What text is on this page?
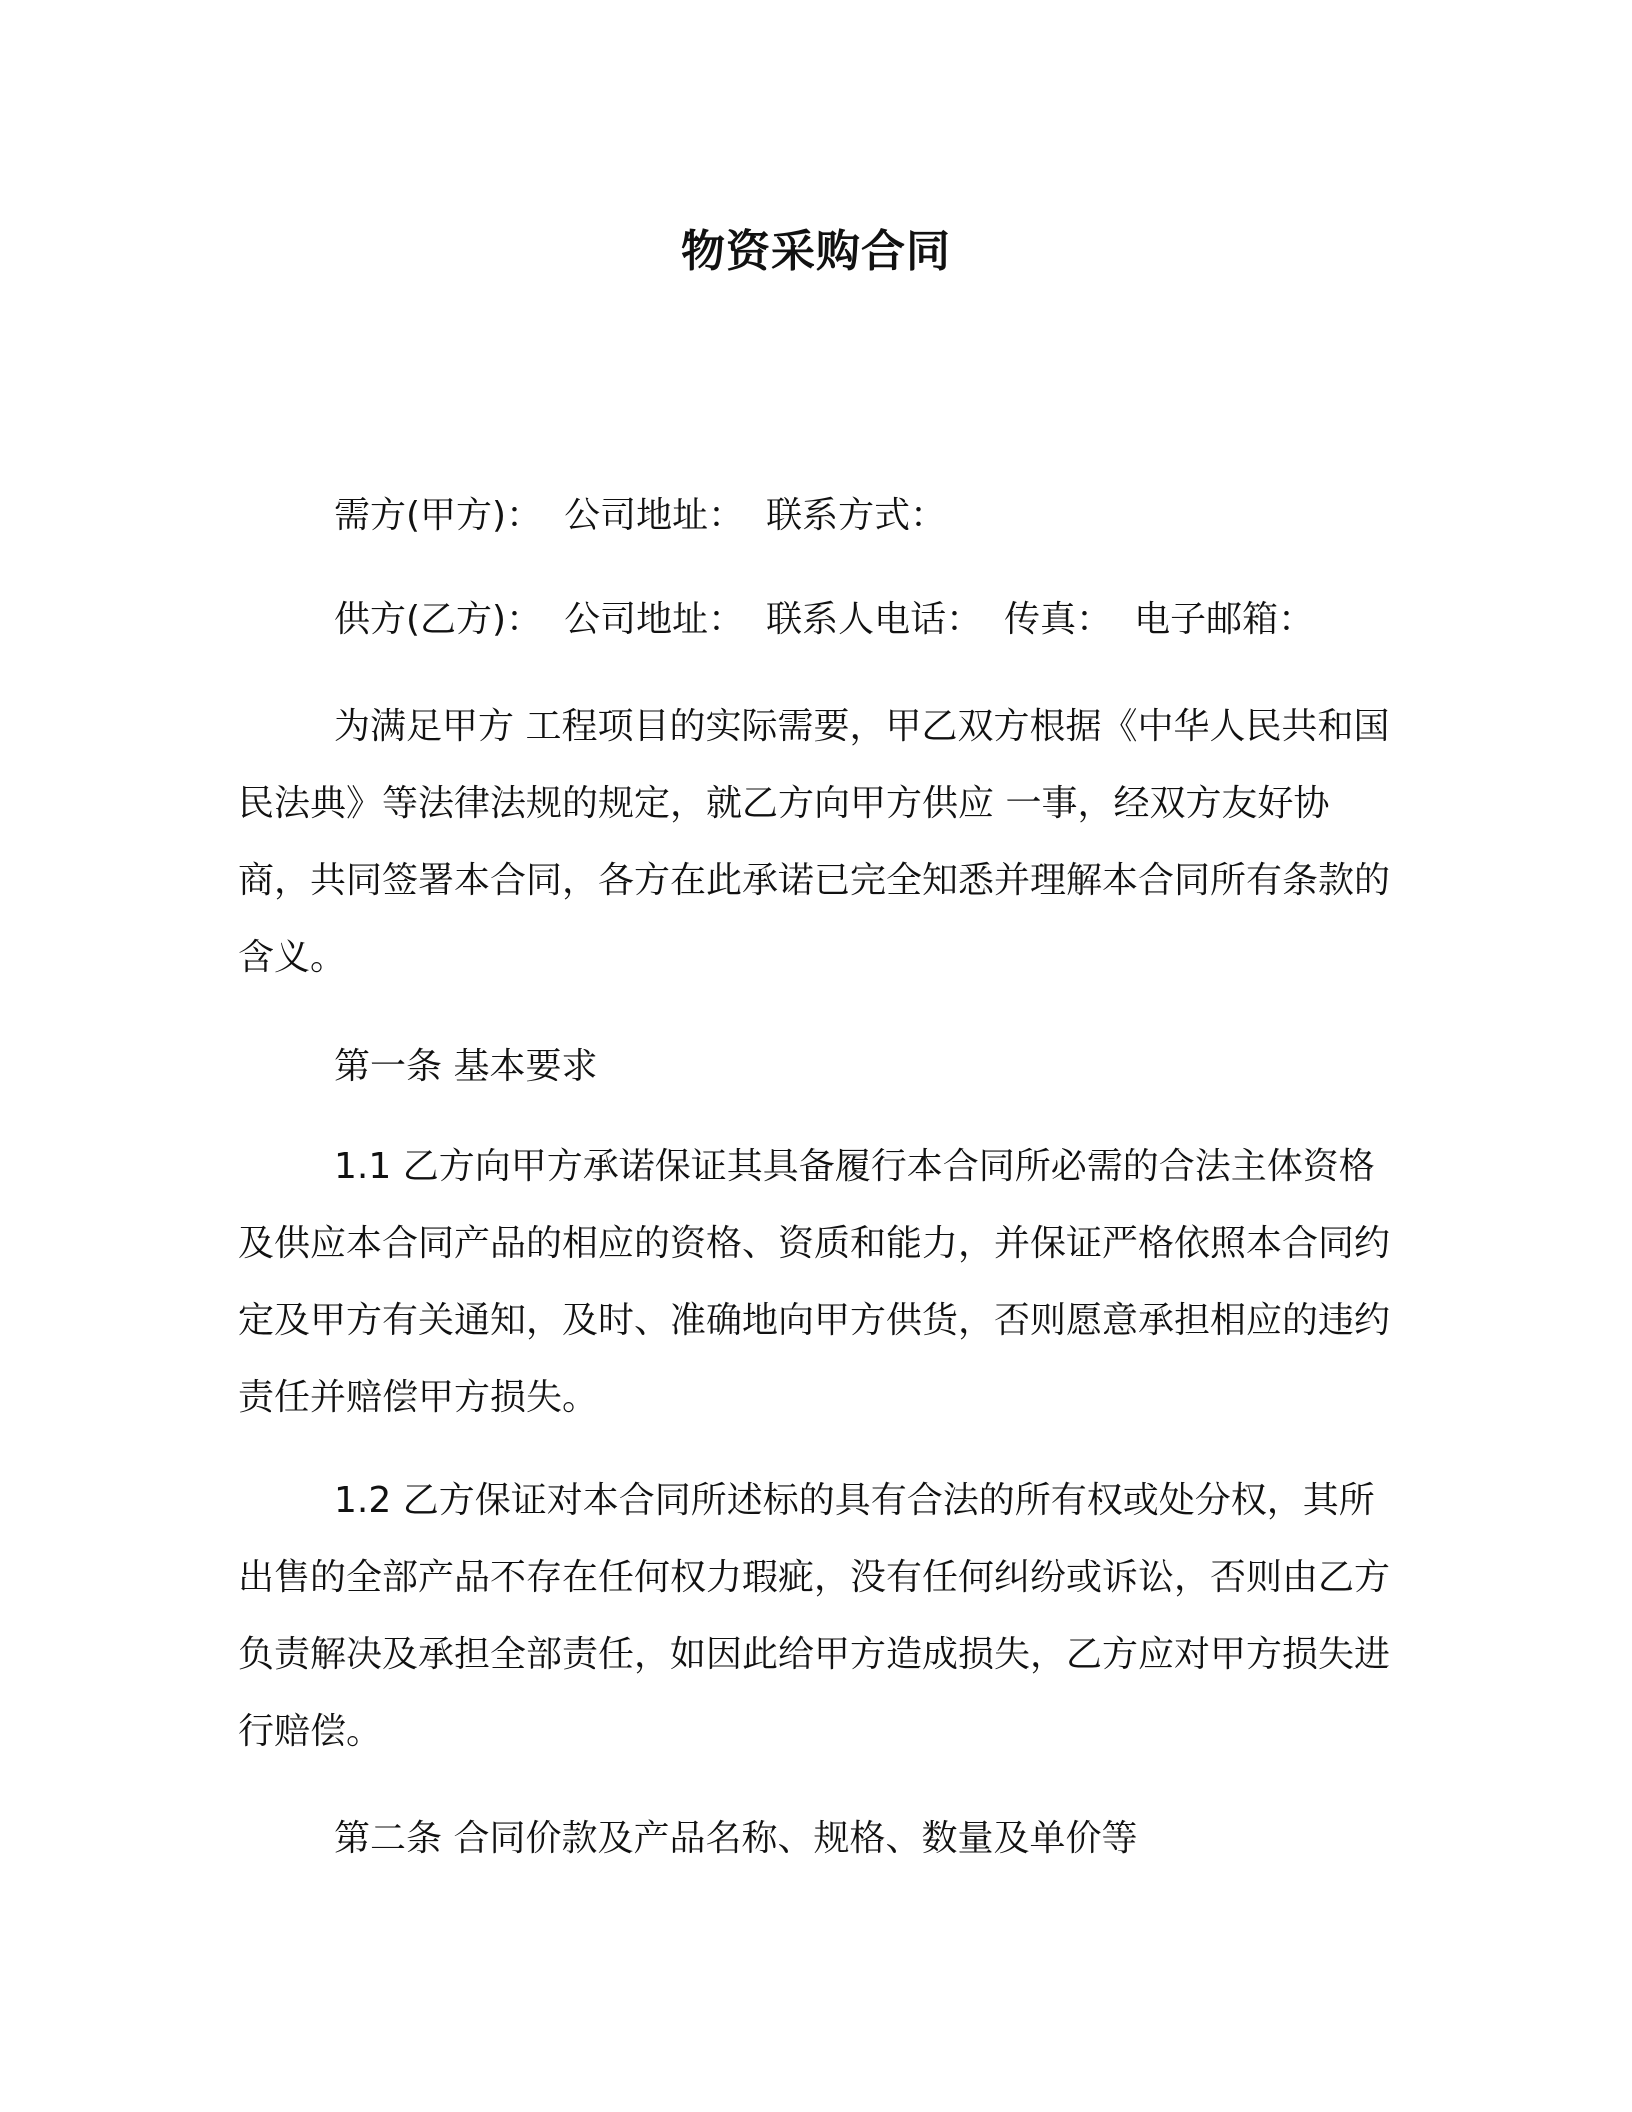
物资采购合同

需方(甲方)： 公司地址： 联系方式：

供方(乙方)： 公司地址： 联系人电话： 传真： 电子邮箱：

为满足甲方 工程项目的实际需要，甲乙双方根据《中华人民共和国民法典》等法律法规的规定，就乙方向甲方供应 一事，经双方友好协商，共同签署本合同，各方在此承诺已完全知悉并理解本合同所有条款的含义。

第一条 基本要求

1.1 乙方向甲方承诺保证其具备履行本合同所必需的合法主体资格及供应本合同产品的相应的资格、资质和能力，并保证严格依照本合同约定及甲方有关通知，及时、准确地向甲方供货，否则愿意承担相应的违约责任并赔偿甲方损失。

1.2 乙方保证对本合同所述标的具有合法的所有权或处分权，其所出售的全部产品不存在任何权力瑕疵，没有任何纠纷或诉讼，否则由乙方负责解决及承担全部责任，如因此给甲方造成损失，乙方应对甲方损失进行赔偿。

第二条 合同价款及产品名称、规格、数量及单价等
